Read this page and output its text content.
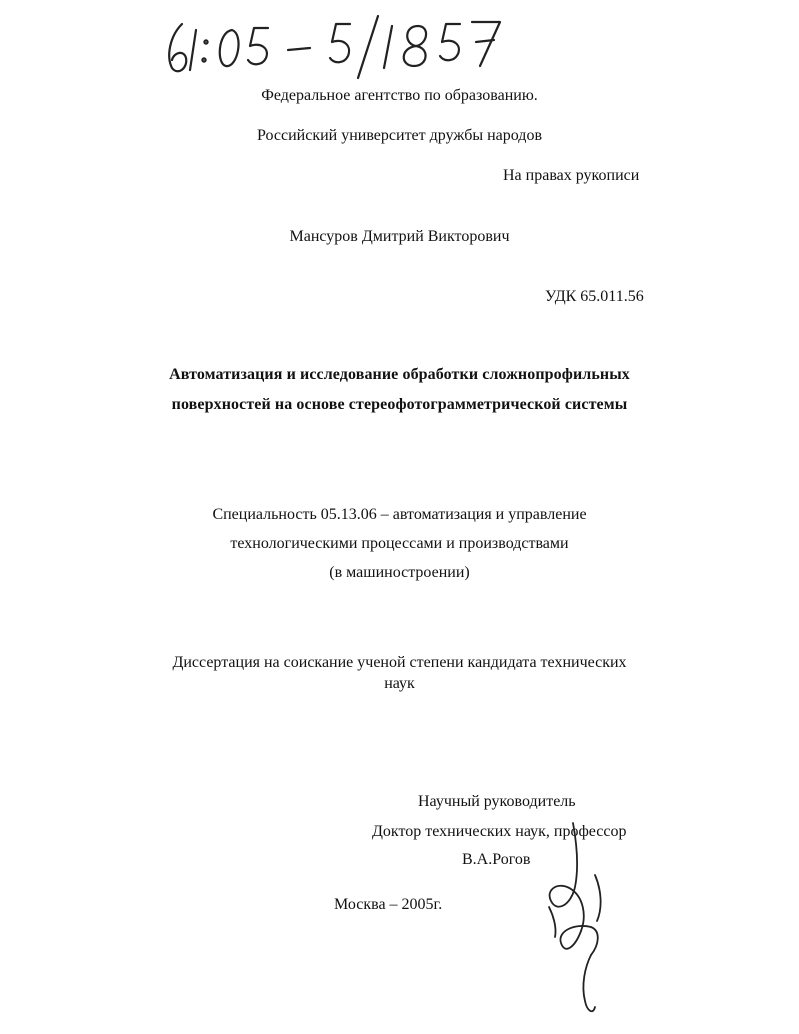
Федеральное агентство по образованию.
Российский университет дружбы народов
На правах рукописи
Мансуров Дмитрий Викторович
УДК 65.011.56
Автоматизация и исследование обработки сложнопрофильных
поверхностей на основе стереофотограмметрической системы
Специальность 05.13.06 – автоматизация и управление
технологическими процессами и производствами
(в машиностроении)
Диссертация на соискание ученой степени кандидата технических
наук
Научный руководитель
Доктор технических наук, профессор
В.А.Рогов
Москва – 2005г.
